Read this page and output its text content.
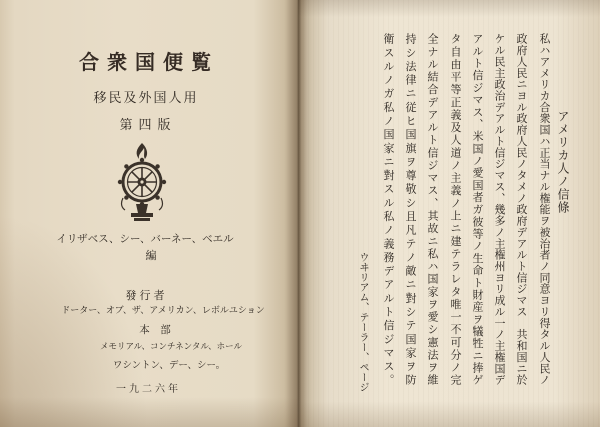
合衆国便覧
移民及外国人用
第四版
イリザベス、シー、バーネー、ベエル
編
發行者
ドーター、オブ、ザ、アメリカン、レボルユション
本　部
メモリアル、コンチネンタル、ホール
ワシントン、デー、シー。
一九二六年
アメリカ人ノ信條
私ハアメリカ合衆国ハ正当ナル権能ヲ被治者ノ同意ヨリ得タル人民ノ
政府人民ニヨル政府人民ノタメノ政府デアルト信ジマス　共和国ニ於
ケル民主政治デアルト信ジマス、幾多ノ主権州ヨリ成ル一ノ主権国デ
アルト信ジマス、米国ノ愛国者ガ彼等ノ生命ト財産ヲ犠牲ニ捧ゲ
タ自由平等正義及人道ノ主義ノ上ニ建テラレタ唯一不可分ノ完
全ナル結合デアルト信ジマス、其故ニ私ハ国家ヲ愛シ憲法ヲ維
持シ法律ニ従ヒ国旗ヲ尊敬シ且凡テノ敵ニ對シテ国家ヲ防
衛スルノガ私ノ国家ニ對スル私ノ義務デアルト信ジマス。
ウヰリアム、テーラー、ページ
